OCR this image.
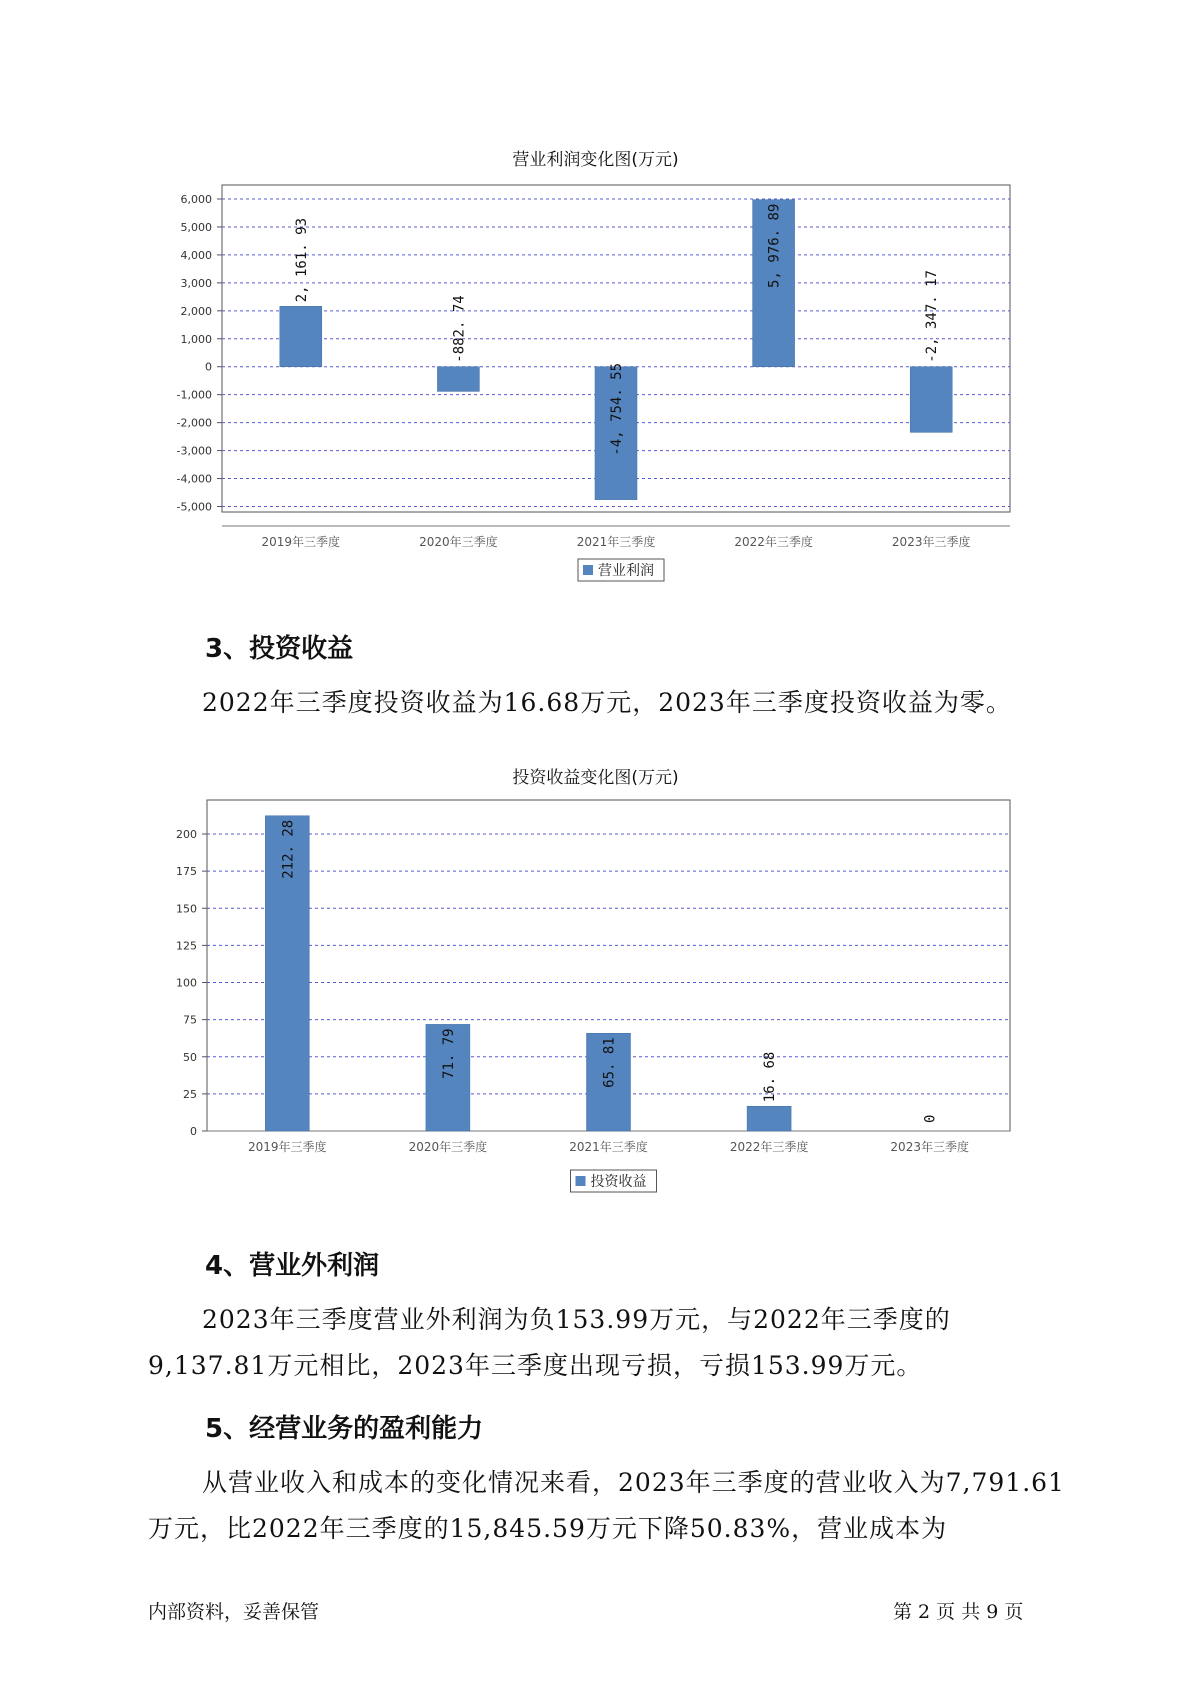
营业利润变化图(万元)
6,000
5,000
4,000
3,000
2,000
1,000
0
-1,000
-2,000
-3,000
-4,000
-5,000
2, 161. 93
2019年三季度
-882. 74
2020年三季度
-4, 754. 55
2021年三季度
5, 976. 89
2022年三季度
-2, 347. 17
2023年三季度
营业利润
3、投资收益
2022年三季度投资收益为16.68万元，2023年三季度投资收益为零。
投资收益变化图(万元)
200
175
150
125
100
75
50
25
0
212. 28
2019年三季度
71. 79
2020年三季度
65. 81
2021年三季度
16. 68
2022年三季度
0
2023年三季度
投资收益
4、营业外利润
2023年三季度营业外利润为负153.99万元，与2022年三季度的9,137.81万元相比，2023年三季度出现亏损，亏损153.99万元。
5、经营业务的盈利能力
从营业收入和成本的变化情况来看，2023年三季度的营业收入为7,791.61万元，比2022年三季度的15,845.59万元下降50.83%，营业成本为
内部资料，妥善保管	第 2 页 共 9 页
